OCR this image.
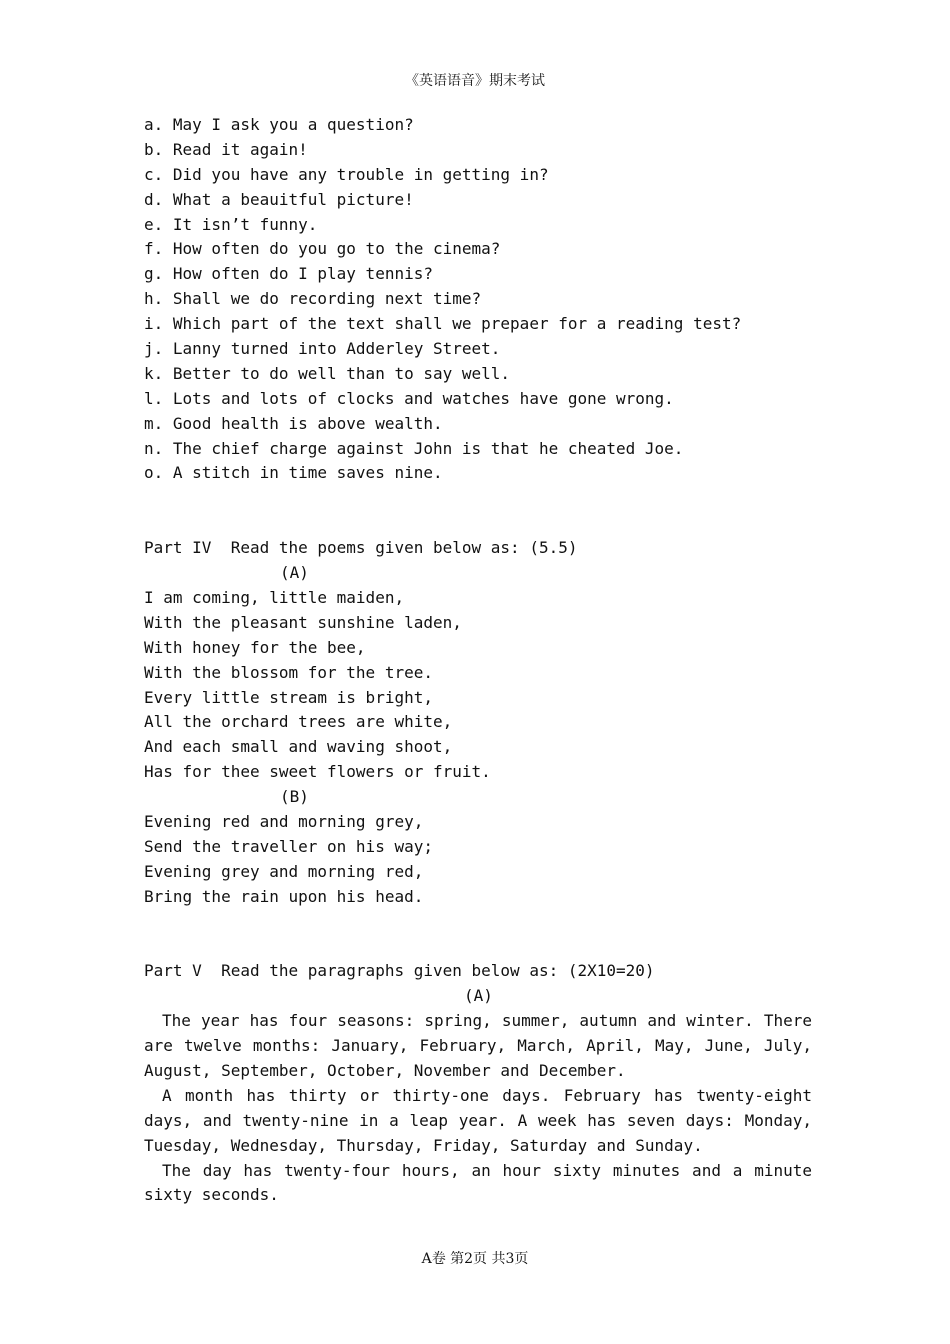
《英语语音》期末考试
a. May I ask you a question?
b. Read it again!
c. Did you have any trouble in getting in?
d. What a beauitful picture!
e. It isn’t funny.
f. How often do you go to the cinema?
g. How often do I play tennis?
h. Shall we do recording next time?
i. Which part of the text shall we prepaer for a reading test?
j. Lanny turned into Adderley Street.
k. Better to do well than to say well.
l. Lots and lots of clocks and watches have gone wrong.
m. Good health is above wealth.
n. The chief charge against John is that he cheated Joe.
o. A stitch in time saves nine.
Part IV  Read the poems given below as: (5.5)
(A)
I am coming, little maiden,
With the pleasant sunshine laden,
With honey for the bee,
With the blossom for the tree.
Every little stream is bright,
All the orchard trees are white,
And each small and waving shoot,
Has for thee sweet flowers or fruit.
(B)
Evening red and morning grey,
Send the traveller on his way;
Evening grey and morning red,
Bring the rain upon his head.
Part V  Read the paragraphs given below as: (2X10=20)
(A)
The year has four seasons: spring, summer, autumn and winter. There are twelve months: January, February, March, April, May, June, July, August, September, October, November and December.
A month has thirty or thirty-one days. February has twenty-eight days, and twenty-nine in a leap year. A week has seven days: Monday, Tuesday, Wednesday, Thursday, Friday, Saturday and Sunday.
The day has twenty-four hours, an hour sixty minutes and a minute sixty seconds.
A卷 第2页 共3页
